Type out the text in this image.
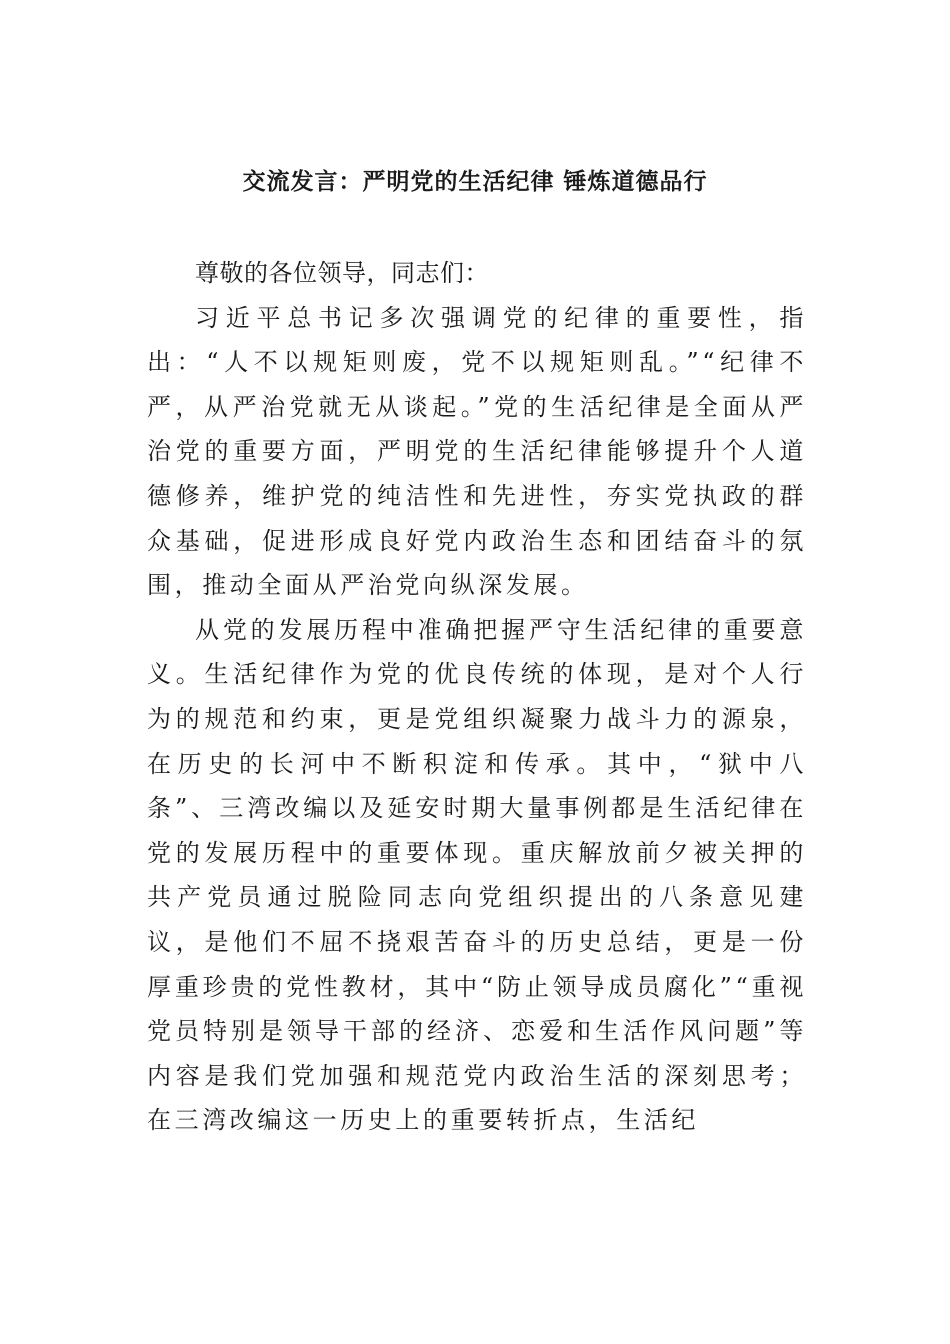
交流发言：严明党的生活纪律 锤炼道德品行

尊敬的各位领导，同志们：

习近平总书记多次强调党的纪律的重要性，指出：“人不以规矩则废，党不以规矩则乱。”“纪律不严，从严治党就无从谈起。”党的生活纪律是全面从严治党的重要方面，严明党的生活纪律能够提升个人道德修养，维护党的纯洁性和先进性，夯实党执政的群众基础，促进形成良好党内政治生态和团结奋斗的氛围，推动全面从严治党向纵深发展。

从党的发展历程中准确把握严守生活纪律的重要意义。生活纪律作为党的优良传统的体现，是对个人行为的规范和约束，更是党组织凝聚力战斗力的源泉，在历史的长河中不断积淀和传承。其中，“狱中八条”、三湾改编以及延安时期大量事例都是生活纪律在党的发展历程中的重要体现。重庆解放前夕被关押的共产党员通过脱险同志向党组织提出的八条意见建议，是他们不屈不挠艰苦奋斗的历史总结，更是一份厚重珍贵的党性教材，其中“防止领导成员腐化”“重视党员特别是领导干部的经济、恋爱和生活作风问题”等内容是我们党加强和规范党内政治生活的深刻思考；在三湾改编这一历史上的重要转折点，生活纪
